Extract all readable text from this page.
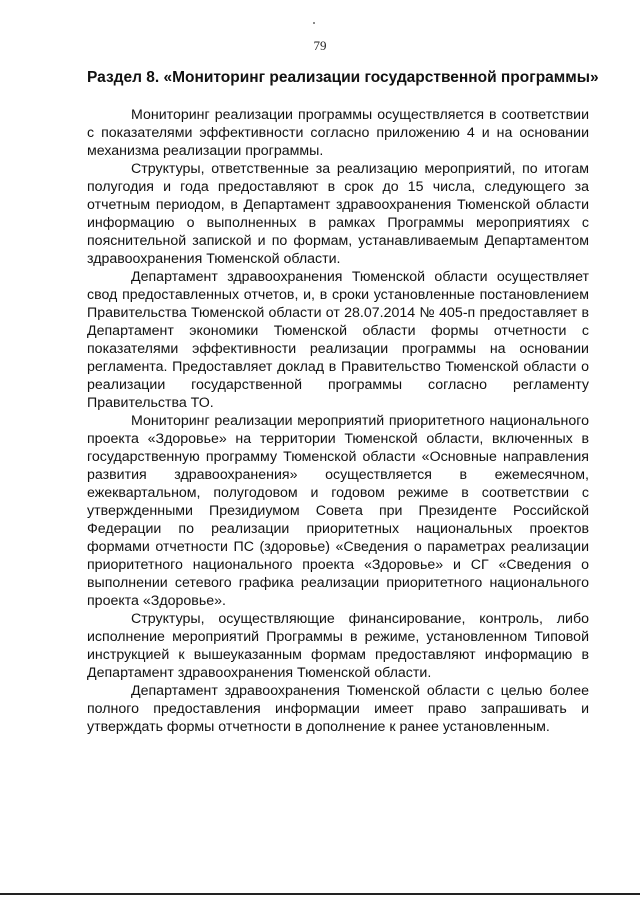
79
Раздел 8. «Мониторинг реализации государственной программы»

Мониторинг реализации программы осуществляется в соответствии с показателями эффективности согласно приложению 4 и на основании механизма реализации программы.

Структуры, ответственные за реализацию мероприятий, по итогам полугодия и года предоставляют в срок до 15 числа, следующего за отчетным периодом, в Департамент здравоохранения Тюменской области информацию о выполненных в рамках Программы мероприятиях с пояснительной запиской и по формам, устанавливаемым Департаментом здравоохранения Тюменской области.

Департамент здравоохранения Тюменской области осуществляет свод предоставленных отчетов, и, в сроки установленные постановлением Правительства Тюменской области от 28.07.2014 № 405-п предоставляет в Департамент экономики Тюменской области формы отчетности с показателями эффективности реализации программы на основании регламента. Предоставляет доклад в Правительство Тюменской области о реализации государственной программы согласно регламенту Правительства ТО.

Мониторинг реализации мероприятий приоритетного национального проекта «Здоровье» на территории Тюменской области, включенных в государственную программу Тюменской области «Основные направления развития здравоохранения» осуществляется в ежемесячном, ежеквартальном, полугодовом и годовом режиме в соответствии с утвержденными Президиумом Совета при Президенте Российской Федерации по реализации приоритетных национальных проектов формами отчетности ПС (здоровье) «Сведения о параметрах реализации приоритетного национального проекта «Здоровье» и СГ «Сведения о выполнении сетевого графика реализации приоритетного национального проекта «Здоровье».

Структуры, осуществляющие финансирование, контроль, либо исполнение мероприятий Программы в режиме, установленном Типовой инструкцией к вышеуказанным формам предоставляют информацию в Департамент здравоохранения Тюменской области.

Департамент здравоохранения Тюменской области с целью более полного предоставления информации имеет право запрашивать и утверждать формы отчетности в дополнение к ранее установленным.
